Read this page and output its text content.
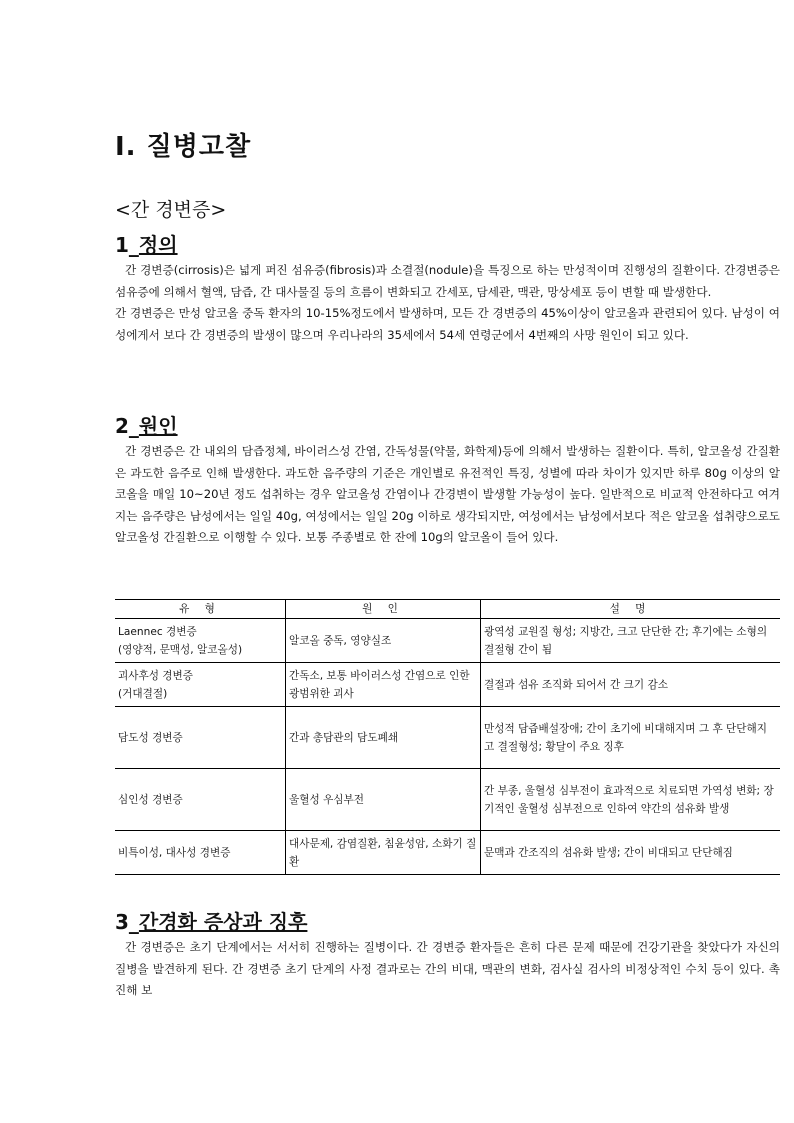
Ⅰ. 질병고찰
<간 경변증>
1_정의

간 경변증(cirrosis)은 넓게 퍼진 섬유증(fibrosis)과 소결절(nodule)을 특징으로 하는 만성적이며 진행성의 질환이다. 간경변증은 섬유증에 의해서 혈액, 담즙, 간 대사물질 등의 흐름이 변화되고 간세포, 담세관, 맥관, 망상세포 등이 변할 때 발생한다.

간 경변증은 만성 알코올 중독 환자의 10-15%정도에서 발생하며, 모든 간 경변증의 45%이상이 알코올과 관련되어 있다. 남성이 여성에게서 보다 간 경변증의 발생이 많으며 우리나라의 35세에서 54세 연령군에서 4번째의 사망 원인이 되고 있다.

2_원인

간 경변증은 간 내외의 담즙정체, 바이러스성 간염, 간독성물(약물, 화학제)등에 의해서 발생하는 질환이다. 특히, 알코올성 간질환은 과도한 음주로 인해 발생한다. 과도한 음주량의 기준은 개인별로 유전적인 특징, 성별에 따라 차이가 있지만 하루 80g 이상의 알코올을 매일 10~20년 정도 섭취하는 경우 알코올성 간염이나 간경변이 발생할 가능성이 높다. 일반적으로 비교적 안전하다고 여겨지는 음주량은 남성에서는 일일 40g, 여성에서는 일일 20g 이하로 생각되지만, 여성에서는 남성에서보다 적은 알코올 섭취량으로도 알코올성 간질환으로 이행할 수 있다. 보통 주종별로 한 잔에 10g의 알코올이 들어 있다.

유 형	원 인	설 명

Laennec 경변증
(영양적, 문맥성, 알코올성)	알코올 중독, 영양실조	광역성 교원질 형성; 지방간, 크고 단단한 간; 후기에는 소형의 결절형 간이 됨

괴사후성 경변증
(거대결절)	간독소, 보통 바이러스성 간염으로 인한 광범위한 괴사	결절과 섬유 조직화 되어서 간 크기 감소
담도성 경변증	간과 총담관의 담도폐쇄	만성적 담즙배설장애; 간이 초기에 비대해지며 그 후 단단해지고 결절형성; 황달이 주요 징후
심인성 경변증	울혈성 우심부전	간 부종, 울혈성 심부전이 효과적으로 치료되면 가역성 변화; 장기적인 울혈성 심부전으로 인하여 약간의 섬유화 발생
비특이성, 대사성 경변증	대사문제, 감염질환, 침윤성암, 소화기 질환	문맥과 간조직의 섬유화 발생; 간이 비대되고 단단해짐
3_간경화 증상과 징후

간 경변증은 초기 단계에서는 서서히 진행하는 질병이다. 간 경변증 환자들은 흔히 다른 문제 때문에 건강기관을 찾았다가 자신의 질병을 발견하게 된다. 간 경변증 초기 단계의 사정 결과로는 간의 비대, 맥관의 변화, 검사실 검사의 비정상적인 수치 등이 있다. 촉진해 보
